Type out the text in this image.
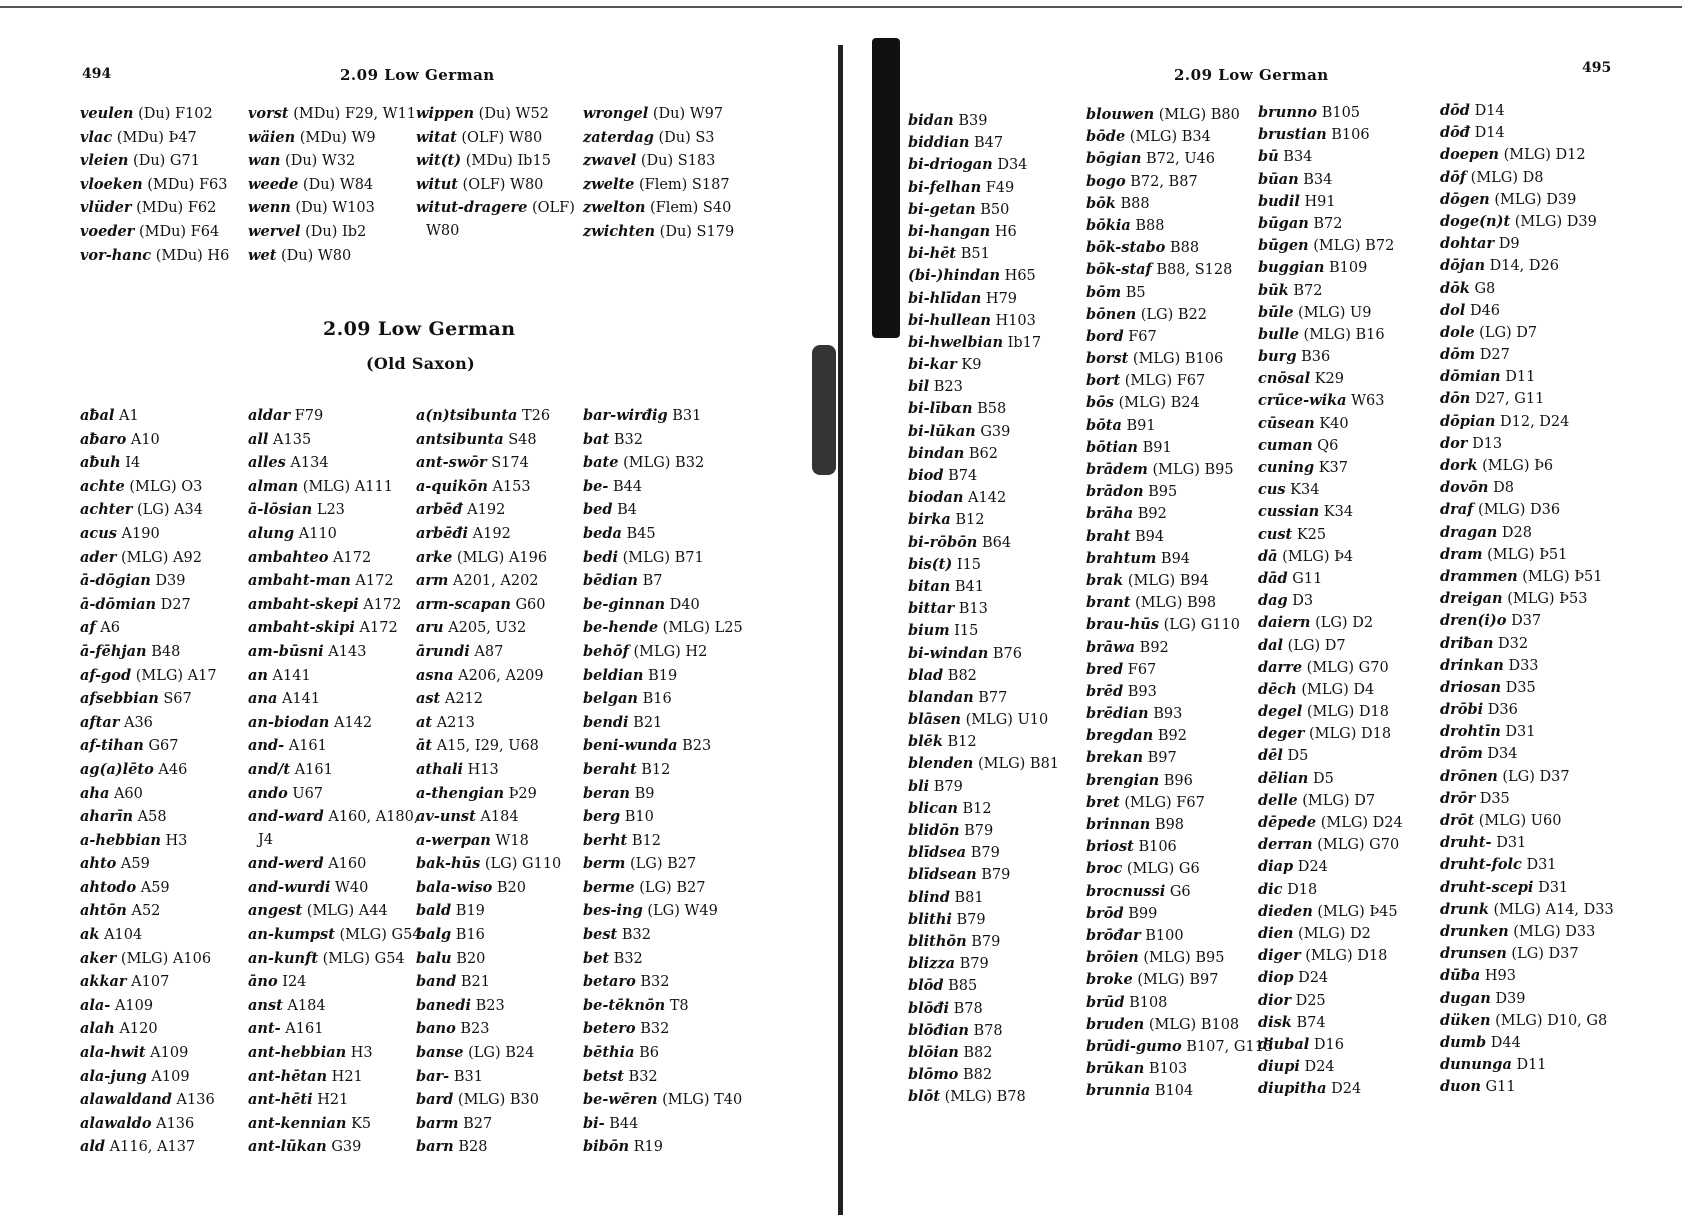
494	2.09 Low German
veulen (Du) F102
vlac (MDu) Þ47
vleien (Du) G71
vloeken (MDu) F63
vlüder (MDu) F62
voeder (MDu) F64
vor-hanc (MDu) H6
vorst (MDu) F29, W11
wäien (MDu) W9
wan (Du) W32
weede (Du) W84
wenn (Du) W103
wervel (Du) Ib2
wet (Du) W80
wippen (Du) W52
witat (OLF) W80
wit(t) (MDu) Ib15
witut (OLF) W80
witut-dragere (OLF)
W80
wrongel (Du) W97
zaterdag (Du) S3
zwavel (Du) S183
zwelte (Flem) S187
zwelton (Flem) S40
zwichten (Du) S179
2.09 Low German
(Old Saxon)
aƀal A1
aƀaro A10
aƀuh I4
achte (MLG) O3
achter (LG) A34
acus A190
ader (MLG) A92
ā-dōgian D39
ā-dōmian D27
af A6
ā-fēhjan B48
af-god (MLG) A17
afsebbian S67
aftar A36
af-tihan G67
ag(a)lēto A46
aha A60
aharīn A58
a-hebbian H3
ahto A59
ahtodo A59
ahtōn A52
ak A104
aker (MLG) A106
akkar A107
ala- A109
alah A120
ala-hwit A109
ala-jung A109
alawaldand A136
alawaldo A136
ald A116, A137
aldar F79
all A135
alles A134
alman (MLG) A111
ā-lōsian L23
alung A110
ambahteo A172
ambaht-man A172
ambaht-skepi A172
ambaht-skipi A172
am-būsni A143
an A141
ana A141
an-biodan A142
and- A161
and/t A161
ando U67
and-ward A160, A180,
J4
and-werd A160
and-wurdi W40
angest (MLG) A44
an-kumpst (MLG) G54
an-kunft (MLG) G54
āno I24
anst A184
ant- A161
ant-hebbian H3
ant-hētan H21
ant-hēti H21
ant-kennian K5
ant-lūkan G39
a(n)tsibunta T26
antsibunta S48
ant-swōr S174
a-quikōn A153
arbēđ A192
arbēđi A192
arke (MLG) A196
arm A201, A202
arm-scapan G60
aru A205, U32
ārundi A87
asna A206, A209
ast A212
at A213
āt A15, I29, U68
athali H13
a-thengian Þ29
av-unst A184
a-werpan W18
bak-hūs (LG) G110
bala-wiso B20
bald B19
balg B16
balu B20
band B21
banedi B23
bano B23
banse (LG) B24
bar- B31
bard (MLG) B30
barm B27
barn B28
bar-wirđig B31
bat B32
bate (MLG) B32
be- B44
bed B4
beda B45
bedi (MLG) B71
bēdian B7
be-ginnan D40
be-hende (MLG) L25
behōf (MLG) H2
beldian B19
belgan B16
bendi B21
beni-wunda B23
beraht B12
beran B9
berg B10
berht B12
berm (LG) B27
berme (LG) B27
bes-ing (LG) W49
best B32
bet B32
betaro B32
be-tēknōn T8
betero B32
bēthia B6
betst B32
be-wēren (MLG) T40
bi- B44
bibōn R19
2.09 Low German	495
bidan B39
biddian B47
bi-driogan D34
bi-felhan F49
bi-getan B50
bi-hangan H6
bi-hēt B51
(bi-)hindan H65
bi-hlīdan H79
bi-hullean H103
bi-hwelbian Ib17
bi-kar K9
bil B23
bi-lībαn B58
bi-lūkan G39
bindan B62
biod B74
biodan A142
birka B12
bi-rōbōn B64
bis(t) I15
bitan B41
bittar B13
bium I15
bi-windan B76
blad B82
blandan B77
blāsen (MLG) U10
blēk B12
blenden (MLG) B81
bli B79
blican B12
blidōn B79
blīdsea B79
blīdsean B79
blind B81
blithi B79
blithōn B79
blizza B79
blōd B85
blōđi B78
blōđian B78
blōian B82
blōmo B82
blōt (MLG) B78
blouwen (MLG) B80
bōde (MLG) B34
bōgian B72, U46
bogo B72, B87
bōk B88
bōkia B88
bōk-stabo B88
bōk-staf B88, S128
bōm B5
bōnen (LG) B22
bord F67
borst (MLG) B106
bort (MLG) F67
bōs (MLG) B24
bōta B91
bōtian B91
brādem (MLG) B95
brādon B95
brāha B92
braht B94
brahtum B94
brak (MLG) B94
brant (MLG) B98
brau-hūs (LG) G110
brāwa B92
bred F67
brēd B93
brēdian B93
bregdan B92
brekan B97
brengian B96
bret (MLG) F67
brinnan B98
briost B106
broc (MLG) G6
brocnussi G6
brōd B99
brōđar B100
brōien (MLG) B95
broke (MLG) B97
brūd B108
bruden (MLG) B108
brūdi-gumo B107, G115
brūkan B103
brunnia B104
brunno B105
brustian B106
bū B34
būan B34
budil H91
būgan B72
būgen (MLG) B72
buggian B109
būk B72
būle (MLG) U9
bulle (MLG) B16
burg B36
cnōsal K29
crūce-wika W63
cūsean K40
cuman Q6
cuning K37
cus K34
cussian K34
cust K25
dā (MLG) Þ4
dād G11
dag D3
daiern (LG) D2
dal (LG) D7
darre (MLG) G70
dēch (MLG) D4
degel (MLG) D18
deger (MLG) D18
dēl D5
dēlian D5
delle (MLG) D7
dēpede (MLG) D24
derran (MLG) G70
diap D24
dic D18
dieden (MLG) Þ45
dien (MLG) D2
diger (MLG) D18
diop D24
dior D25
disk B74
diubal D16
diupi D24
diupitha D24
dōd D14
dōđ D14
doepen (MLG) D12
dōf (MLG) D8
dōgen (MLG) D39
doge(n)t (MLG) D39
dohtar D9
dōjan D14, D26
dōk G8
dol D46
dole (LG) D7
dōm D27
dōmian D11
dōn D27, G11
dōpian D12, D24
dor D13
dork (MLG) Þ6
dovōn D8
draf (MLG) D36
dragan D28
dram (MLG) Þ51
drammen (MLG) Þ51
dreigan (MLG) Þ53
dren(i)o D37
driƀan D32
drinkan D33
driosan D35
drōbi D36
drohtīn D31
drōm D34
drōnen (LG) D37
drōr D35
drōt (MLG) U60
druht- D31
druht-folc D31
druht-scepi D31
drunk (MLG) A14, D33
drunken (MLG) D33
drunsen (LG) D37
dūƀa H93
dugan D39
düken (MLG) D10, G8
dumb D44
dununga D11
duon G11
